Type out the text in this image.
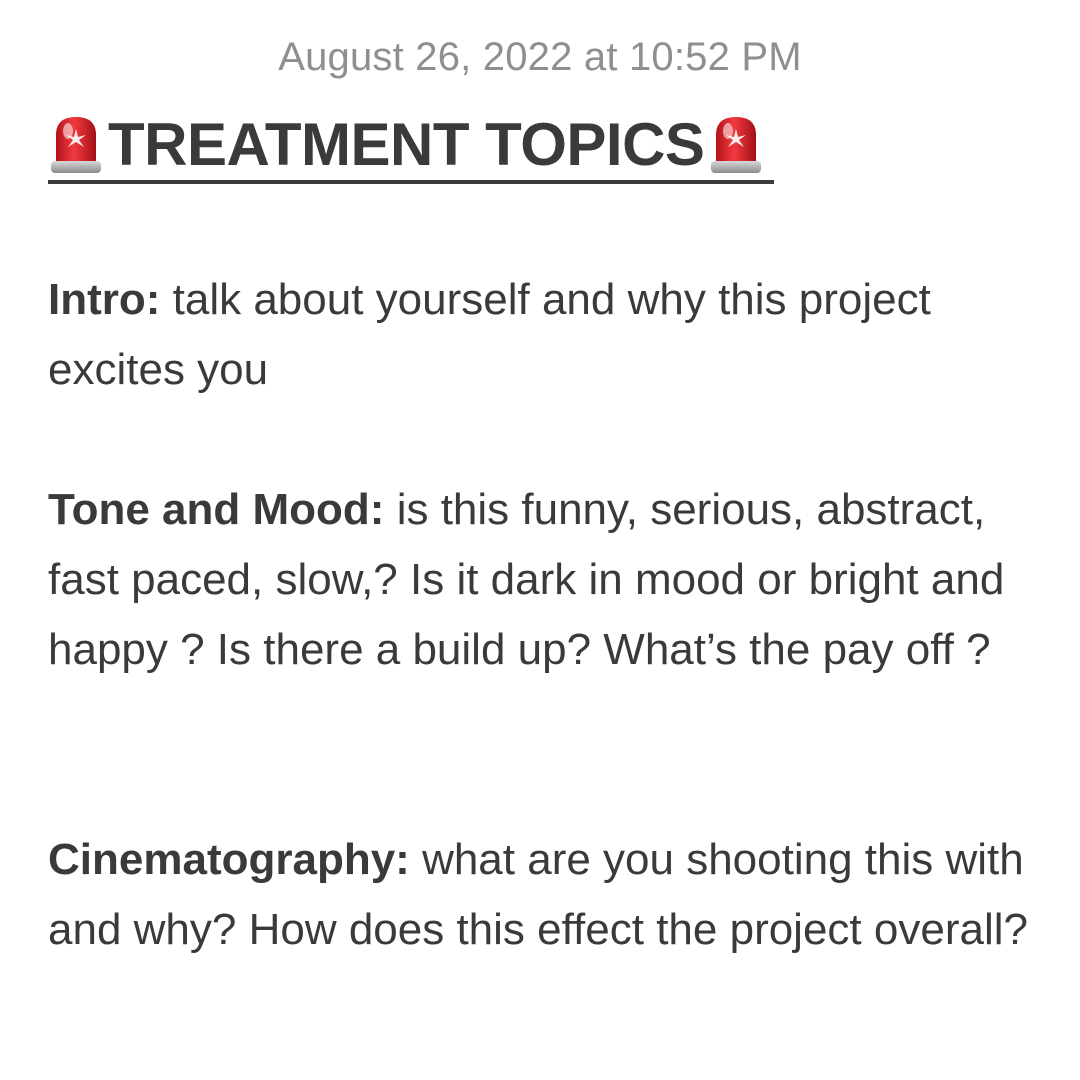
August 26, 2022 at 10:52 PM
TREATMENT TOPICS
Intro: talk about yourself and why this project excites you
Tone and Mood: is this funny, serious, abstract, fast paced, slow,? Is it dark in mood or bright and happy ? Is there a build up? What’s the pay off ?
Cinematography: what are you shooting this with and why? How does this effect the project overall?
